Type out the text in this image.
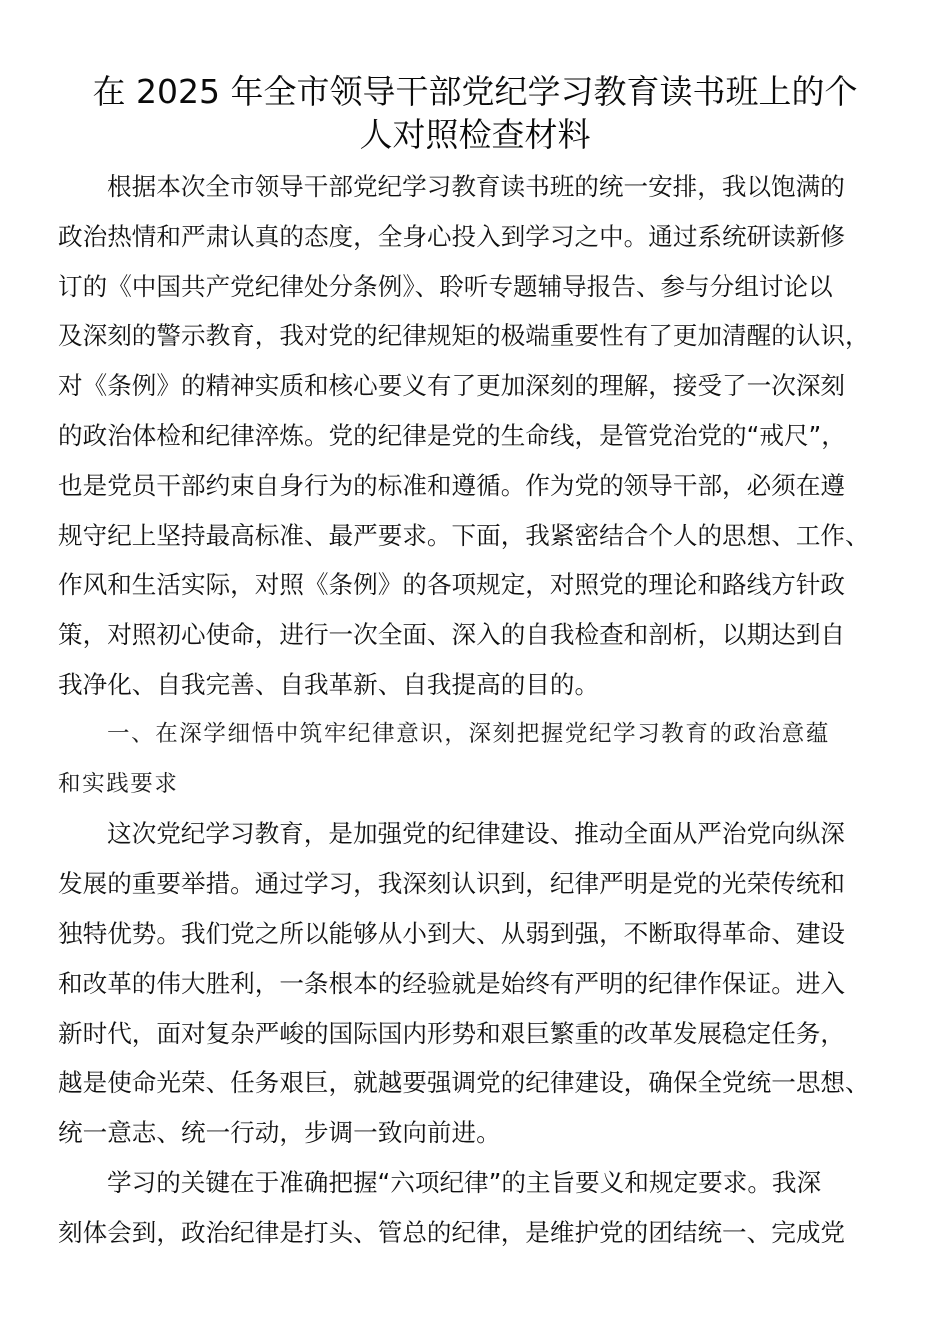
在 2025 年全市领导干部党纪学习教育读书班上的个
人对照检查材料
根据本次全市领导干部党纪学习教育读书班的统一安排，我以饱满的
政治热情和严肃认真的态度，全身心投入到学习之中。通过系统研读新修
订的《中国共产党纪律处分条例》、聆听专题辅导报告、参与分组讨论以
及深刻的警示教育，我对党的纪律规矩的极端重要性有了更加清醒的认识，
对《条例》的精神实质和核心要义有了更加深刻的理解，接受了一次深刻
的政治体检和纪律淬炼。党的纪律是党的生命线，是管党治党的“戒尺”，
也是党员干部约束自身行为的标准和遵循。作为党的领导干部，必须在遵
规守纪上坚持最高标准、最严要求。下面，我紧密结合个人的思想、工作、
作风和生活实际，对照《条例》的各项规定，对照党的理论和路线方针政
策，对照初心使命，进行一次全面、深入的自我检查和剖析，以期达到自
我净化、自我完善、自我革新、自我提高的目的。
一、在深学细悟中筑牢纪律意识，深刻把握党纪学习教育的政治意蕴
和实践要求
这次党纪学习教育，是加强党的纪律建设、推动全面从严治党向纵深
发展的重要举措。通过学习，我深刻认识到，纪律严明是党的光荣传统和
独特优势。我们党之所以能够从小到大、从弱到强，不断取得革命、建设
和改革的伟大胜利，一条根本的经验就是始终有严明的纪律作保证。进入
新时代，面对复杂严峻的国际国内形势和艰巨繁重的改革发展稳定任务，
越是使命光荣、任务艰巨，就越要强调党的纪律建设，确保全党统一思想、
统一意志、统一行动，步调一致向前进。
学习的关键在于准确把握“六项纪律”的主旨要义和规定要求。我深
刻体会到，政治纪律是打头、管总的纪律，是维护党的团结统一、完成党
